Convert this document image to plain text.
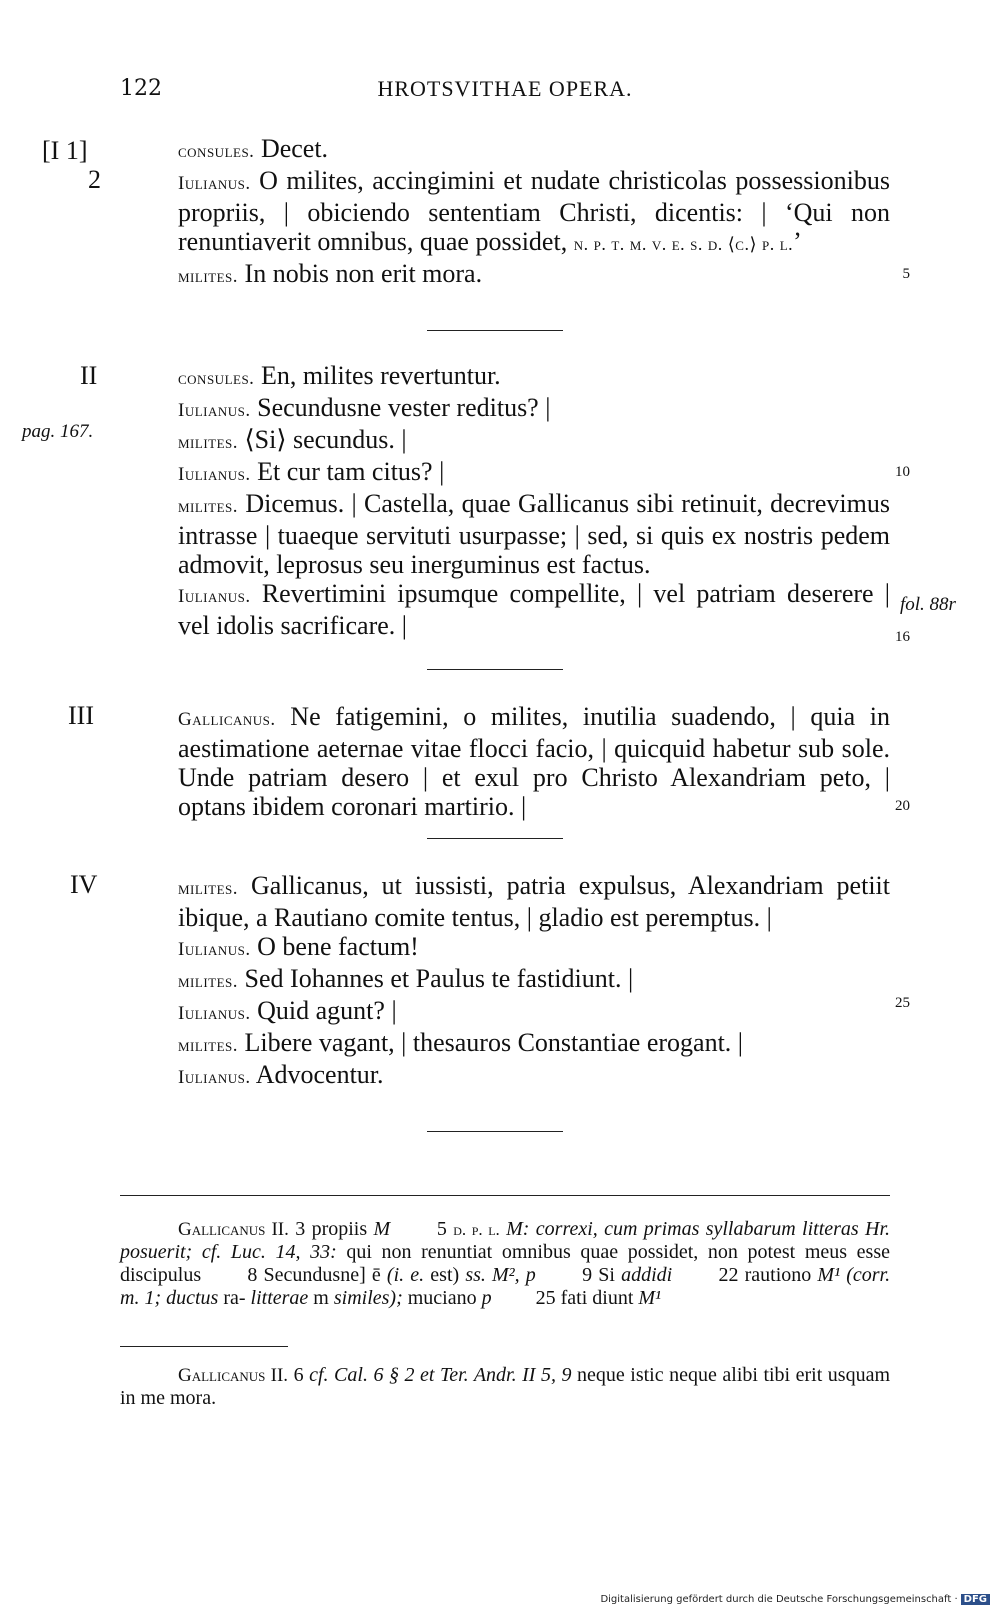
122	HROTSVITHAE OPERA.
[I 1]
2
II
III
IV
pag. 167.
fol. 88r
5
10
16
20
25

consules. Decet.

Iulianus. O milites, accingimini et nudate christicolas possessionibus propriis, | obiciendo sententiam Christi, dicentis: | ‘Qui non renuntiaverit omnibus, quae possidet, n. p. t. m. v. e. s. d. ⟨c.⟩ p. l.’

milites. In nobis non erit mora.

consules. En, milites revertuntur.

Iulianus. Secundusne vester reditus? |

milites. ⟨Si⟩ secundus. |

Iulianus. Et cur tam citus? |

milites. Dicemus. | Castella, quae Gallicanus sibi retinuit, decrevimus intrasse | tuaeque servituti usurpasse; | sed, si quis ex nostris pedem admovit, leprosus seu inerguminus est factus.

Iulianus. Revertimini ipsumque compellite, | vel patriam deserere | vel idolis sacrificare. |

Gallicanus. Ne fatigemini, o milites, inutilia suadendo, | quia in aestimatione aeternae vitae flocci facio, | quicquid habetur sub sole. Unde patriam desero | et exul pro Christo Alexandriam peto, | optans ibidem coronari martirio. |

milites. Gallicanus, ut iussisti, patria expulsus, Alexandriam petiit ibique, a Rautiano comite tentus, | gladio est peremptus. |

Iulianus. O bene factum!

milites. Sed Iohannes et Paulus te fastidiunt. |

Iulianus. Quid agunt? |

milites. Libere vagant, | thesauros Constantiae erogant. |

Iulianus. Advocentur.

Gallicanus II. 3 propiis M 5 d. p. l. M: correxi, cum primas syllabarum litteras Hr. posuerit; cf. Luc. 14, 33: qui non renuntiat omnibus quae possidet, non potest meus esse discipulus 8 Secundusne] ē (i. e. est) ss. M², p 9 Si addidi 22 rautiono M¹ (corr. m. 1; ductus ra- litterae m similes); muciano p 25 fati diunt M¹

Gallicanus II. 6 cf. Cal. 6 § 2 et Ter. Andr. II 5, 9 neque istic neque alibi tibi erit usquam in me mora.

Digitalisierung gefördert durch die Deutsche Forschungsgemeinschaft · DFG
